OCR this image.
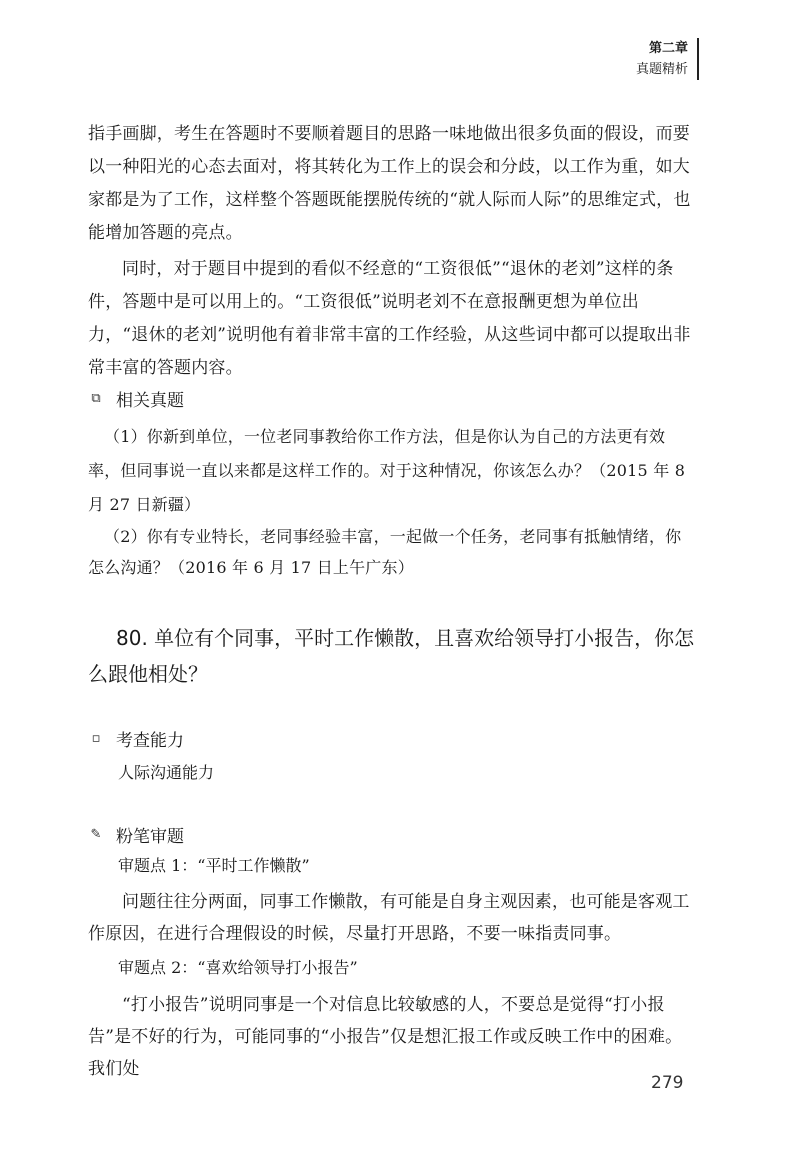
第二章
真题精析

指手画脚，考生在答题时不要顺着题目的思路一味地做出很多负面的假设，而要以一种阳光的心态去面对，将其转化为工作上的误会和分歧，以工作为重，如大家都是为了工作，这样整个答题既能摆脱传统的“就人际而人际”的思维定式，也能增加答题的亮点。

同时，对于题目中提到的看似不经意的“工资很低”“退休的老刘”这样的条件，答题中是可以用上的。“工资很低”说明老刘不在意报酬更想为单位出力，“退休的老刘”说明他有着非常丰富的工作经验，从这些词中都可以提取出非常丰富的答题内容。

⧉ 相关真题

（1）你新到单位，一位老同事教给你工作方法，但是你认为自己的方法更有效率，但同事说一直以来都是这样工作的。对于这种情况，你该怎么办？（2015 年 8 月 27 日新疆）

（2）你有专业特长，老同事经验丰富，一起做一个任务，老同事有抵触情绪，你怎么沟通？（2016 年 6 月 17 日上午广东）

80. 单位有个同事，平时工作懒散，且喜欢给领导打小报告，你怎么跟他相处？

▫ 考查能力
人际沟通能力
✎ 粉笔审题
审题点 1：“平时工作懒散”

问题往往分两面，同事工作懒散，有可能是自身主观因素，也可能是客观工作原因，在进行合理假设的时候，尽量打开思路，不要一味指责同事。

审题点 2：“喜欢给领导打小报告”

“打小报告”说明同事是一个对信息比较敏感的人，不要总是觉得“打小报告”是不好的行为，可能同事的“小报告”仅是想汇报工作或反映工作中的困难。我们处

279
